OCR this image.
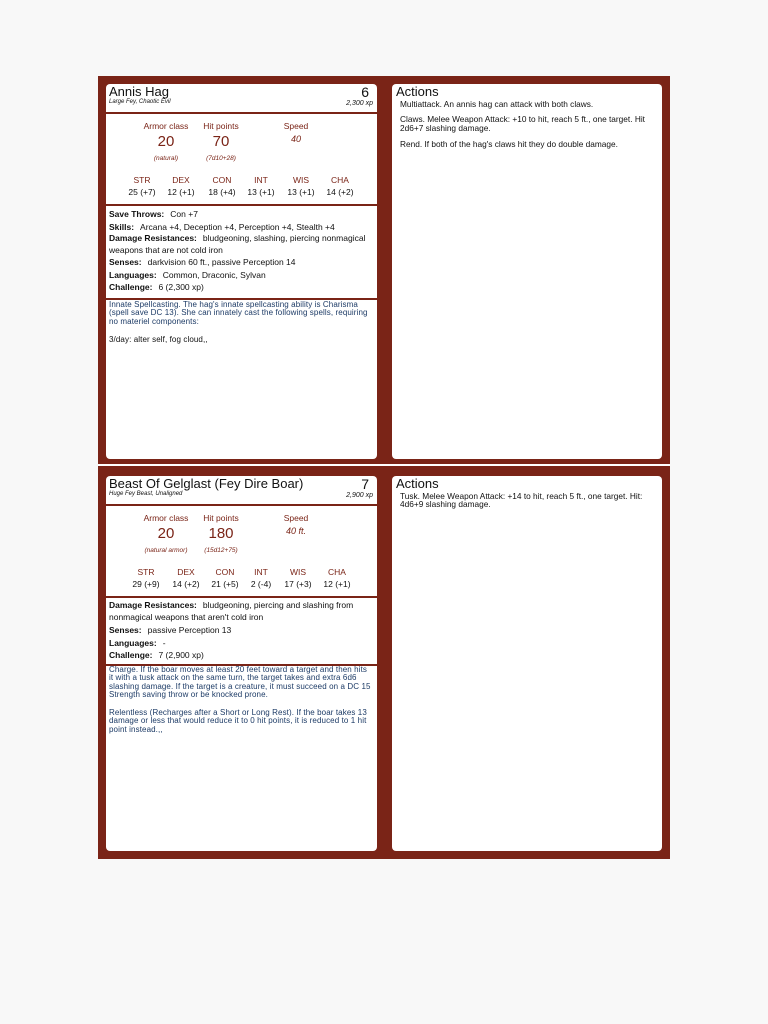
Annis Hag	6
Large Fey, Chaotic Evil	2,300 xp
Armor class	Hit points	Speed
20	70	40
(natural)	(7d10+28)
STR	DEX	CON	INT	WIS	CHA
25 (+7)	12 (+1)	18 (+4)	13 (+1)	13 (+1)	14 (+2)
Save Throws: Con +7
Skills: Arcana +4, Deception +4, Perception +4, Stealth +4
Damage Resistances: bludgeoning, slashing, piercing nonmagical weapons that are not cold iron
Senses: darkvision 60 ft., passive Perception 14
Languages: Common, Draconic, Sylvan
Challenge: 6 (2,300 xp)

Innate Spellcasting. The hag's innate spellcasting ability is Charisma (spell save DC 13). She can innately cast the following spells, requiring no materiel components:

3/day: alter self, fog cloud,,

Actions

Multiattack. An annis hag can attack with both claws.

Claws. Melee Weapon Attack: +10 to hit, reach 5 ft., one target. Hit 2d6+7 slashing damage.

Rend. If both of the hag's claws hit they do double damage.

Beast Of Gelglast (Fey Dire Boar)	7
Huge Fey Beast, Unaligned	2,900 xp
Armor class	Hit points	Speed
20	180	40 ft.
(natural armor)	(15d12+75)
STR	DEX	CON	INT	WIS	CHA
29 (+9)	14 (+2)	21 (+5)	2 (-4)	17 (+3)	12 (+1)
Damage Resistances: bludgeoning, piercing and slashing from nonmagical weapons that aren't cold iron
Senses: passive Perception 13
Languages: -
Challenge: 7 (2,900 xp)

Charge. If the boar moves at least 20 feet toward a target and then hits it with a tusk attack on the same turn, the target takes and extra 6d6 slashing damage. If the target is a creature, it must succeed on a DC 15 Strength saving throw or be knocked prone.

Relentless (Recharges after a Short or Long Rest). If the boar takes 13 damage or less that would reduce it to 0 hit points, it is reduced to 1 hit point instead.,,

Actions

Tusk. Melee Weapon Attack: +14 to hit, reach 5 ft., one target. Hit: 4d6+9 slashing damage.
